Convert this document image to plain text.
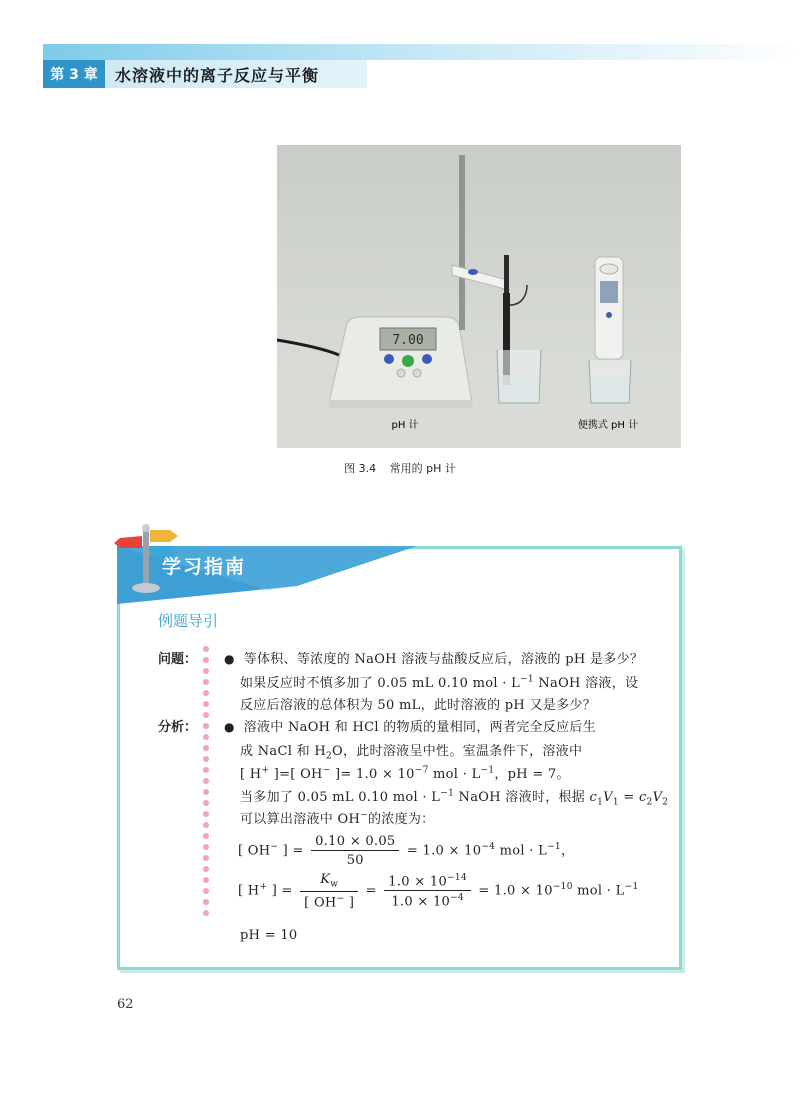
第 3 章	水溶液中的离子反应与平衡
7.00
pH 计	便携式 pH 计
图 3.4 常用的 pH 计
学习指南
例题导引
问题：
分析：
●  等体积、等浓度的 NaOH 溶液与盐酸反应后，溶液的 pH 是多少？
如果反应时不慎多加了 0.05 mL 0.10 mol · $L^{-1}$ NaOH 溶液，设
反应后溶液的总体积为 50 mL，此时溶液的 pH 又是多少？
●  溶液中 NaOH 和 HCl 的物质的量相同，两者完全反应后生
成 NaCl 和 $H_2O$，此时溶液呈中性。室温条件下，溶液中
[ H+ ]=[ OH− ]= $1.0 \times 10^{-7}$ mol · $L^{-1}$，pH = 7。
当多加了 0.05 mL 0.10 mol · $L^{-1}$ NaOH 溶液时，根据 $c_1V_1 = c_2V_2$
可以算出溶液中 OH−的浓度为：
[ OH− ] = $\frac{0.10 \times 0.05}{50} = 1.0 \times 10^{-4}$ mol · $L^{-1}$，
[ H+ ] = $\frac{K_w}{[ OH^- ]} = \frac{1.0 \times 10^{-14}}{1.0 \times 10^{-4}} = 1.0 \times 10^{-10}$ mol · $L^{-1}$
pH = 10
62
